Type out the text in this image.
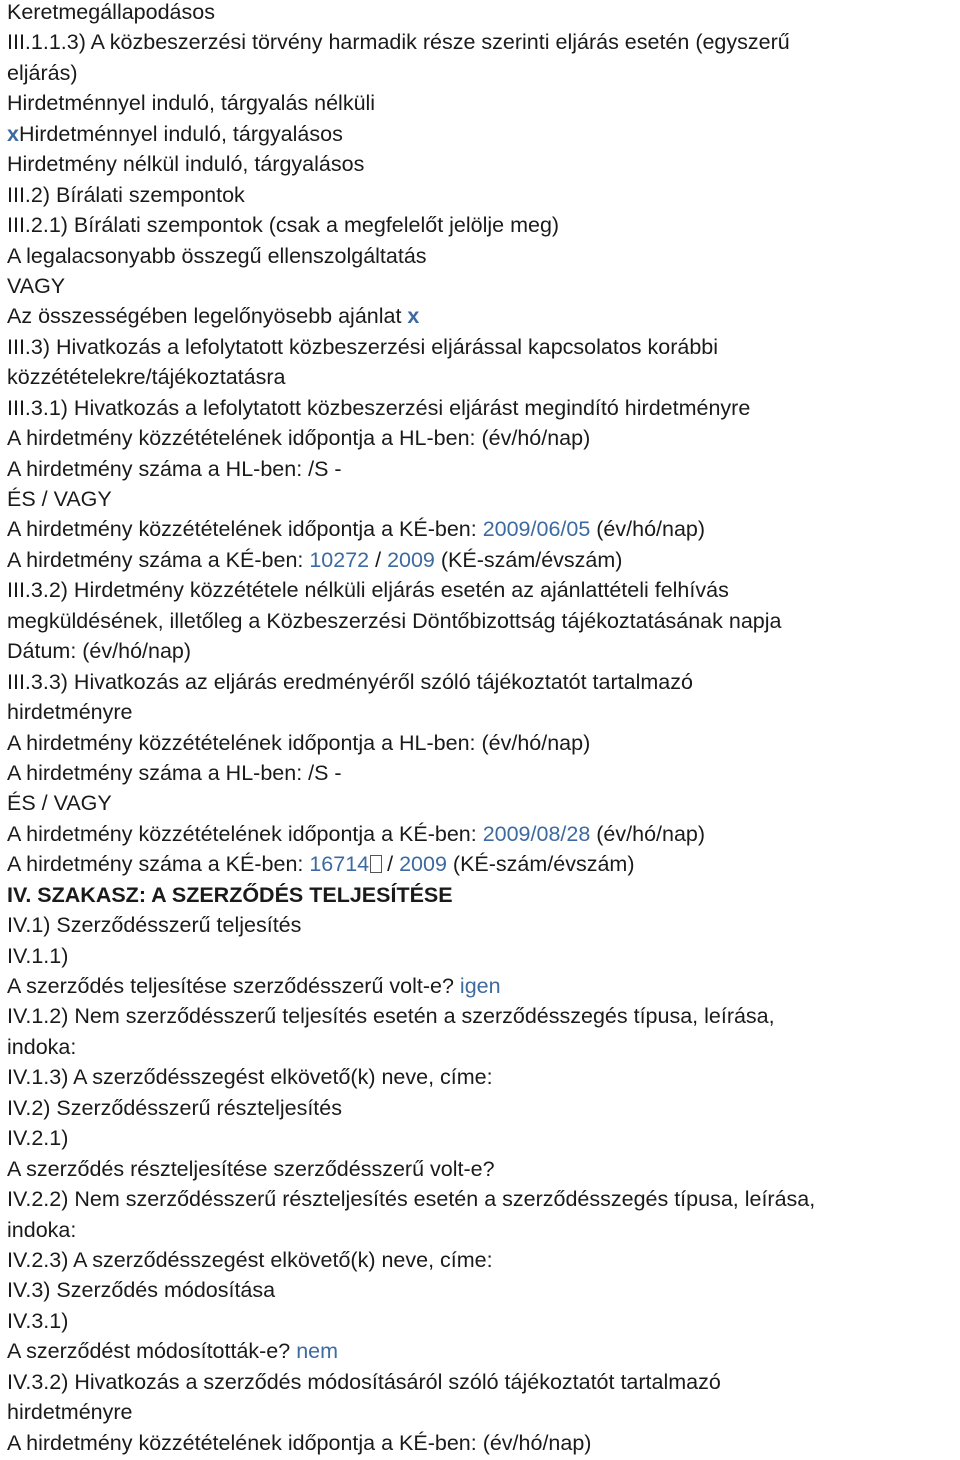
Keretmegállapodásos
III.1.1.3) A közbeszerzési törvény harmadik része szerinti eljárás esetén (egyszerű
eljárás)
Hirdetménnyel induló, tárgyalás nélküli
xHirdetménnyel induló, tárgyalásos
Hirdetmény nélkül induló, tárgyalásos
III.2) Bírálati szempontok
III.2.1) Bírálati szempontok (csak a megfelelőt jelölje meg)
A legalacsonyabb összegű ellenszolgáltatás
VAGY
Az összességében legelőnyösebb ajánlat x
III.3) Hivatkozás a lefolytatott közbeszerzési eljárással kapcsolatos korábbi
közzétételekre/tájékoztatásra
III.3.1) Hivatkozás a lefolytatott közbeszerzési eljárást megindító hirdetményre
A hirdetmény közzétételének időpontja a HL-ben: (év/hó/nap)
A hirdetmény száma a HL-ben: /S -
ÉS / VAGY
A hirdetmény közzétételének időpontja a KÉ-ben: 2009/06/05 (év/hó/nap)
A hirdetmény száma a KÉ-ben: 10272 / 2009 (KÉ-szám/évszám)
III.3.2) Hirdetmény közzététele nélküli eljárás esetén az ajánlattételi felhívás
megküldésének, illetőleg a Közbeszerzési Döntőbizottság tájékoztatásának napja
Dátum: (év/hó/nap)
III.3.3) Hivatkozás az eljárás eredményéről szóló tájékoztatót tartalmazó
hirdetményre
A hirdetmény közzétételének időpontja a HL-ben: (év/hó/nap)
A hirdetmény száma a HL-ben: /S -
ÉS / VAGY
A hirdetmény közzétételének időpontja a KÉ-ben: 2009/08/28 (év/hó/nap)
A hirdetmény száma a KÉ-ben: 16714 / 2009 (KÉ-szám/évszám)
IV. SZAKASZ: A SZERZŐDÉS TELJESÍTÉSE
IV.1) Szerződésszerű teljesítés
IV.1.1)
A szerződés teljesítése szerződésszerű volt-e? igen
IV.1.2) Nem szerződésszerű teljesítés esetén a szerződésszegés típusa, leírása,
indoka:
IV.1.3) A szerződésszegést elkövető(k) neve, címe:
IV.2) Szerződésszerű részteljesítés
IV.2.1)
A szerződés részteljesítése szerződésszerű volt-e?
IV.2.2) Nem szerződésszerű részteljesítés esetén a szerződésszegés típusa, leírása,
indoka:
IV.2.3) A szerződésszegést elkövető(k) neve, címe:
IV.3) Szerződés módosítása
IV.3.1)
A szerződést módosították-e? nem
IV.3.2) Hivatkozás a szerződés módosításáról szóló tájékoztatót tartalmazó
hirdetményre
A hirdetmény közzétételének időpontja a KÉ-ben: (év/hó/nap)
